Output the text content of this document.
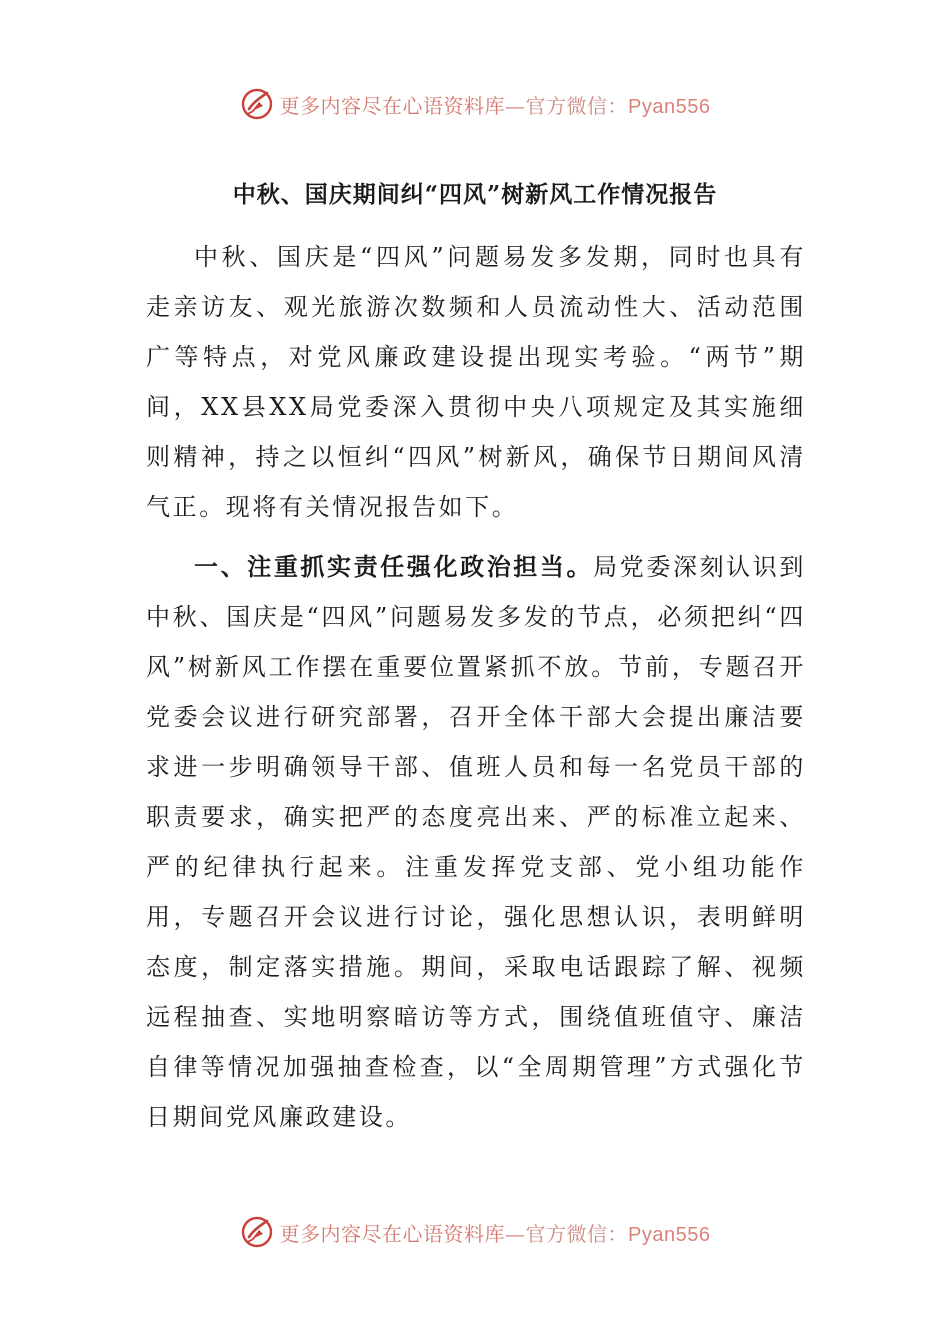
更多内容尽在心语资料库—官方微信：Pyan556
中秋、国庆期间纠“四风”树新风工作情况报告

中秋、国庆是“四风”问题易发多发期，同时也具有走亲访友、观光旅游次数频和人员流动性大、活动范围广等特点，对党风廉政建设提出现实考验。“两节”期间，XX县XX局党委深入贯彻中央八项规定及其实施细则精神，持之以恒纠“四风”树新风，确保节日期间风清气正。现将有关情况报告如下。

一、注重抓实责任强化政治担当。局党委深刻认识到中秋、国庆是“四风”问题易发多发的节点，必须把纠“四风”树新风工作摆在重要位置紧抓不放。节前，专题召开党委会议进行研究部署，召开全体干部大会提出廉洁要求进一步明确领导干部、值班人员和每一名党员干部的职责要求，确实把严的态度亮出来、严的标准立起来、严的纪律执行起来。注重发挥党支部、党小组功能作用，专题召开会议进行讨论，强化思想认识，表明鲜明态度，制定落实措施。期间，采取电话跟踪了解、视频远程抽查、实地明察暗访等方式，围绕值班值守、廉洁自律等情况加强抽查检查，以“全周期管理”方式强化节日期间党风廉政建设。

更多内容尽在心语资料库—官方微信：Pyan556
